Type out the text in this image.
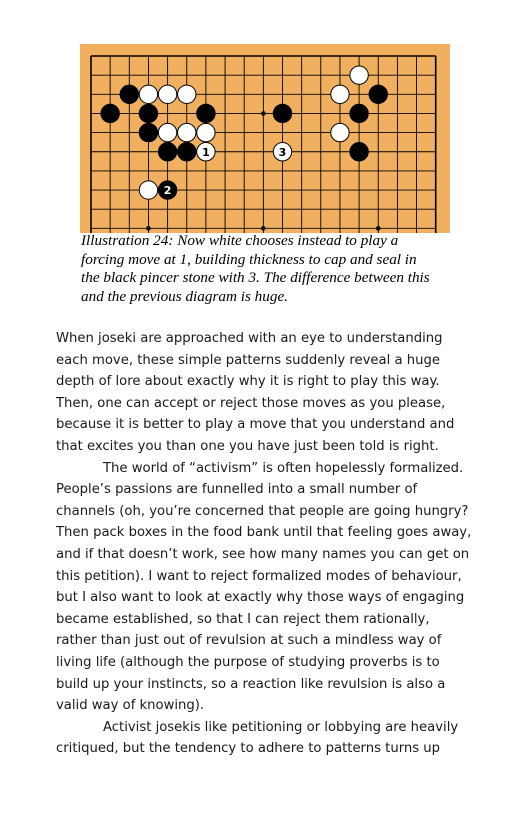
1
2
3
Illustration 24: Now white chooses instead to play a
forcing move at 1, building thickness to cap and seal in
the black pincer stone with 3. The difference between this
and the previous diagram is huge.
When joseki are approached with an eye to understanding
each move, these simple patterns suddenly reveal a huge
depth of lore about exactly why it is right to play this way.
Then, one can accept or reject those moves as you please,
because it is better to play a move that you understand and
that excites you than one you have just been told is right.
The world of “activism” is often hopelessly formalized.
People’s passions are funnelled into a small number of
channels (oh, you’re concerned that people are going hungry?
Then pack boxes in the food bank until that feeling goes away,
and if that doesn’t work, see how many names you can get on
this petition). I want to reject formalized modes of behaviour,
but I also want to look at exactly why those ways of engaging
became established, so that I can reject them rationally,
rather than just out of revulsion at such a mindless way of
living life (although the purpose of studying proverbs is to
build up your instincts, so a reaction like revulsion is also a
valid way of knowing).
Activist josekis like petitioning or lobbying are heavily
critiqued, but the tendency to adhere to patterns turns up
